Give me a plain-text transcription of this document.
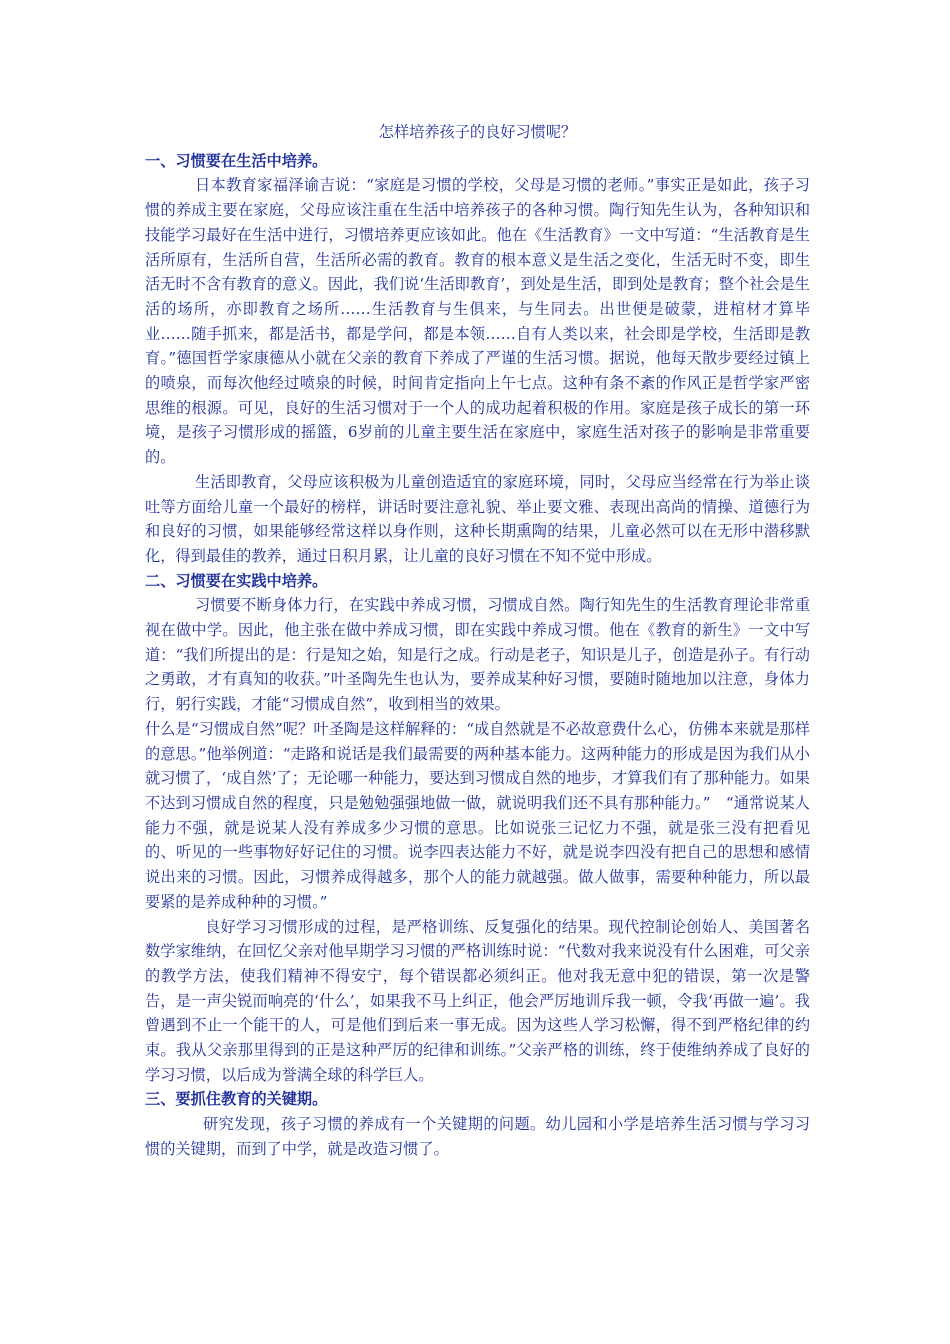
怎样培养孩子的良好习惯呢？

一、习惯要在生活中培养。

日本教育家福泽谕吉说：“家庭是习惯的学校，父母是习惯的老师。”事实正是如此，孩子习惯的养成主要在家庭，父母应该注重在生活中培养孩子的各种习惯。陶行知先生认为，各种知识和技能学习最好在生活中进行，习惯培养更应该如此。他在《生活教育》一文中写道：“生活教育是生活所原有，生活所自营，生活所必需的教育。教育的根本意义是生活之变化，生活无时不变，即生活无时不含有教育的意义。因此，我们说‘生活即教育’，到处是生活，即到处是教育；整个社会是生活的场所，亦即教育之场所……生活教育与生俱来，与生同去。出世便是破蒙，进棺材才算毕业……随手抓来，都是活书，都是学问，都是本领……自有人类以来，社会即是学校，生活即是教育。”德国哲学家康德从小就在父亲的教育下养成了严谨的生活习惯。据说，他每天散步要经过镇上的喷泉，而每次他经过喷泉的时候，时间肯定指向上午七点。这种有条不紊的作风正是哲学家严密思维的根源。可见，良好的生活习惯对于一个人的成功起着积极的作用。家庭是孩子成长的第一环境，是孩子习惯形成的摇篮，6岁前的儿童主要生活在家庭中，家庭生活对孩子的影响是非常重要的。

生活即教育，父母应该积极为儿童创造适宜的家庭环境，同时，父母应当经常在行为举止谈吐等方面给儿童一个最好的榜样，讲话时要注意礼貌、举止要文雅、表现出高尚的情操、道德行为和良好的习惯，如果能够经常这样以身作则，这种长期熏陶的结果，儿童必然可以在无形中潜移默化，得到最佳的教养，通过日积月累，让儿童的良好习惯在不知不觉中形成。

二、习惯要在实践中培养。

习惯要不断身体力行，在实践中养成习惯，习惯成自然。陶行知先生的生活教育理论非常重视在做中学。因此，他主张在做中养成习惯，即在实践中养成习惯。他在《教育的新生》一文中写道：“我们所提出的是：行是知之始，知是行之成。行动是老子，知识是儿子，创造是孙子。有行动之勇敢，才有真知的收获。”叶圣陶先生也认为，要养成某种好习惯，要随时随地加以注意，身体力行，躬行实践，才能“习惯成自然”，收到相当的效果。

什么是“习惯成自然”呢？叶圣陶是这样解释的：“成自然就是不必故意费什么心，仿佛本来就是那样的意思。”他举例道：“走路和说话是我们最需要的两种基本能力。这两种能力的形成是因为我们从小就习惯了，‘成自然’了；无论哪一种能力，要达到习惯成自然的地步，才算我们有了那种能力。如果不达到习惯成自然的程度，只是勉勉强强地做一做，就说明我们还不具有那种能力。”　“通常说某人能力不强，就是说某人没有养成多少习惯的意思。比如说张三记忆力不强，就是张三没有把看见的、听见的一些事物好好记住的习惯。说李四表达能力不好，就是说李四没有把自己的思想和感情说出来的习惯。因此，习惯养成得越多，那个人的能力就越强。做人做事，需要种种能力，所以最要紧的是养成种种的习惯。”

良好学习习惯形成的过程，是严格训练、反复强化的结果。现代控制论创始人、美国著名数学家维纳，在回忆父亲对他早期学习习惯的严格训练时说：“代数对我来说没有什么困难，可父亲的教学方法，使我们精神不得安宁，每个错误都必须纠正。他对我无意中犯的错误，第一次是警告，是一声尖锐而响亮的‘什么’，如果我不马上纠正，他会严厉地训斥我一顿，令我‘再做一遍’。我曾遇到不止一个能干的人，可是他们到后来一事无成。因为这些人学习松懈，得不到严格纪律的约束。我从父亲那里得到的正是这种严厉的纪律和训练。”父亲严格的训练，终于使维纳养成了良好的学习习惯，以后成为誉满全球的科学巨人。

三、要抓住教育的关键期。

研究发现，孩子习惯的养成有一个关键期的问题。幼儿园和小学是培养生活习惯与学习习惯的关键期，而到了中学，就是改造习惯了。
